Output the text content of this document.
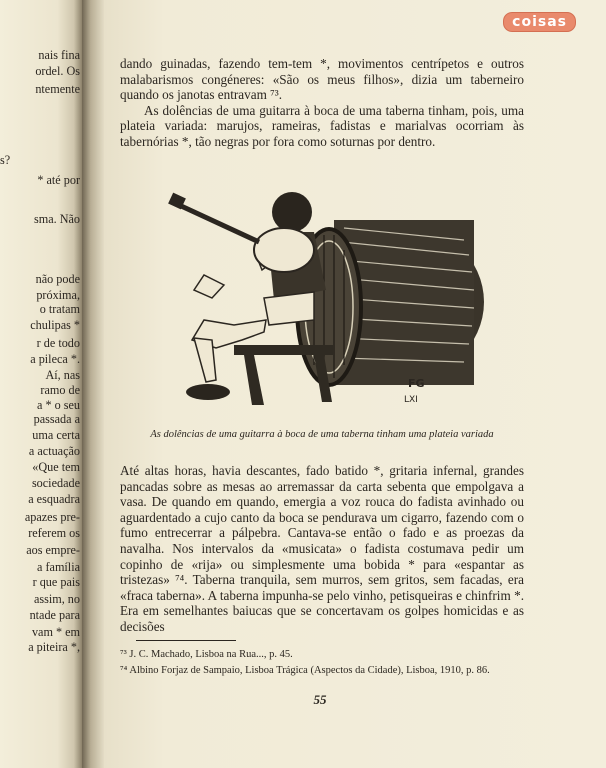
nais fina
ordel. Os
ntemente
s?
* até por
sma. Não
não pode
próxima,
o tratam
chulipas *
r de todo
a pileca *.
Aí, nas
ramo de
a * o seu
passada a
uma certa
a actuação
«Que tem
sociedade
a esquadra
apazes pre-
referem os
aos empre-
a família
r que pais
assim, no
ntade para
vam * em
a piteira *,
coisas

dando guinadas, fazendo tem-tem *, movimentos centrípetos e outros malabarismos congéneres: «São os meus filhos», dizia um taberneiro quando os janotas entravam ⁷³.

As dolências de uma guitarra à boca de uma taberna tinham, pois, uma plateia variada: marujos, rameiras, fadistas e marialvas ocorriam às tabernórias *, tão negras por fora como soturnas por dentro.

FG
LXI
As dolências de uma guitarra à boca de uma taberna tinham uma plateia variada

Até altas horas, havia descantes, fado batido *, gritaria infernal, grandes pancadas sobre as mesas ao arremassar da carta sebenta que empolgava a vasa. De quando em quando, emergia a voz rouca do fadista avinhado ou aguardentado a cujo canto da boca se pendurava um cigarro, fazendo com o fumo entrecerrar a pálpebra. Cantava-se então o fado e as proezas da navalha. Nos intervalos da «musicata» o fadista costumava pedir um copinho de «rija» ou simplesmente uma bobida * para «espantar as tristezas» ⁷⁴. Taberna tranquila, sem murros, sem gritos, sem facadas, era «fraca taberna». A taberna impunha-se pelo vinho, petisqueiras e chinfrim *. Era em semelhantes baiucas que se concertavam os golpes homicidas e as decisões

⁷³ J. C. Machado, Lisboa na Rua..., p. 45.
⁷⁴ Albino Forjaz de Sampaio, Lisboa Trágica (Aspectos da Cidade), Lisboa, 1910, p. 86.
55
